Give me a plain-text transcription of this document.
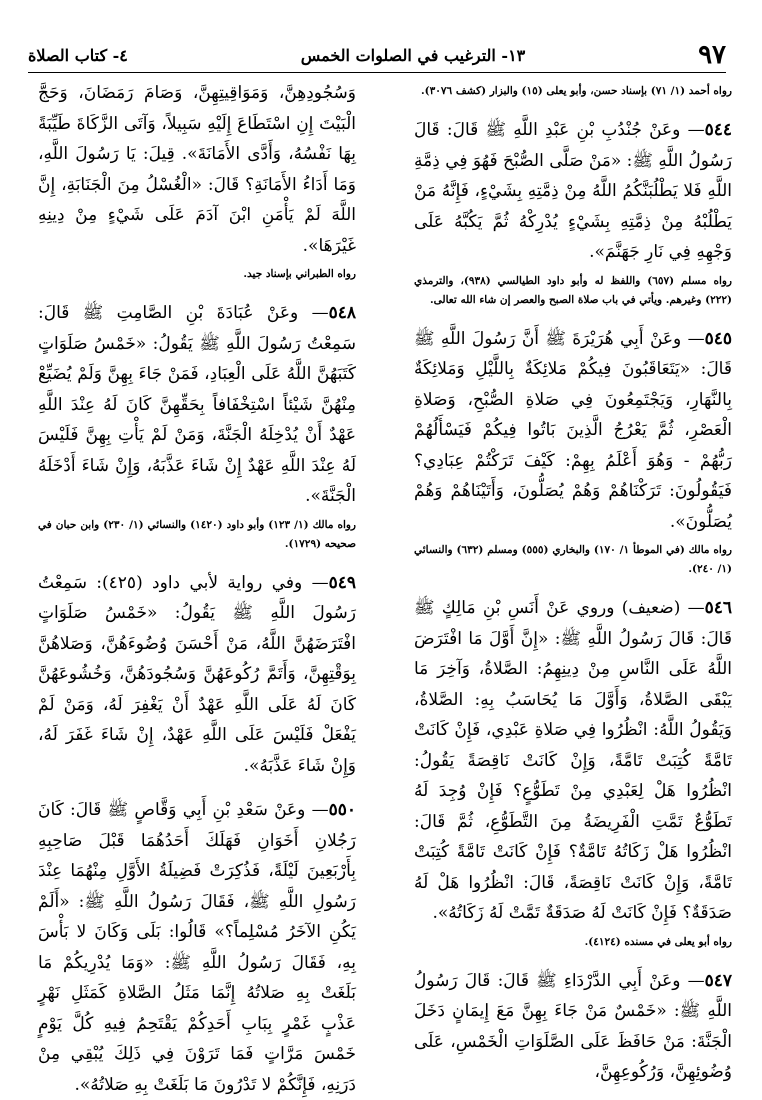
٩٧
١٣- الترغيب في الصلوات الخمس
٤- كتاب الصلاة
رواه أحمد (١/ ٧١) بإسناد حسن، وأبو يعلى (١٥) والبزار (كشف ٣٠٧٦).

٥٤٤— وعَنْ جُنْدُبِ بْنِ عَبْدِ اللَّهِ ﷺ قَالَ: قَالَ رَسُولُ اللَّهِ ﷺ: «مَنْ صَلَّى الصُّبْحَ فَهُوَ فِي ذِمَّةِ اللَّهِ فَلا يَطْلُبَنَّكُمُ اللَّهُ مِنْ ذِمَّتِهِ بِشَيْءٍ، فَإِنَّهُ مَنْ يَطْلُبْهُ مِنْ ذِمَّتِهِ بِشَيْءٍ يُدْرِكْهُ ثُمَّ يَكُبَّهُ عَلَى وَجْهِهِ فِي نَارِ جَهَنَّمَ».

رواه مسلم (٦٥٧) واللفظ له وأبو داود الطيالسي (٩٣٨)، والترمذي (٢٢٢) وغيرهم. ويأتي في باب صلاة الصبح والعصر إن شاء الله تعالى.

٥٤٥— وعَنْ أَبِي هُرَيْرَةَ ﷺ أَنَّ رَسُولَ اللَّهِ ﷺ قَالَ: «يَتَعَاقَبُونَ فِيكُمْ مَلائِكَةٌ بِاللَّيْلِ وَمَلائِكَةٌ بِالنَّهَارِ، وَيَجْتَمِعُونَ فِي صَلاةِ الصُّبْحِ، وَصَلاةِ الْعَصْرِ، ثُمَّ يَعْرُجُ الَّذِينَ بَاتُوا فِيكُمْ فَيَسْأَلُهُمْ رَبُّهُمْ - وَهُوَ أَعْلَمُ بِهِمْ: كَيْفَ تَرَكْتُمْ عِبَادِي؟ فَيَقُولُونَ: تَرَكْنَاهُمْ وَهُمْ يُصَلُّونَ، وَأَتَيْنَاهُمْ وَهُمْ يُصَلُّونَ».

رواه مالك (في الموطأ ١/ ١٧٠) والبخاري (٥٥٥) ومسلم (٦٣٢) والنسائي (١/ ٢٤٠).

٥٤٦— (ضعيف) وروي عَنْ أَنَسِ بْنِ مَالِكٍ ﷺ قَالَ: قَالَ رَسُولُ اللَّهِ ﷺ: «إِنَّ أَوَّلَ مَا افْتَرَضَ اللَّهُ عَلَى النَّاسِ مِنْ دِينِهِمُ: الصَّلاةُ، وَآخِرَ مَا يَبْقَى الصَّلاةُ، وَأَوَّلَ مَا يُحَاسَبُ بِهِ: الصَّلاةُ، وَيَقُولُ اللَّهُ: انْظُرُوا فِي صَلاةِ عَبْدِي، فَإِنْ كَانَتْ تَامَّةً كُتِبَتْ تَامَّةً، وَإِنْ كَانَتْ نَاقِصَةً يَقُولُ: انْظُرُوا هَلْ لِعَبْدِي مِنْ تَطَوُّعٍ؟ فَإِنْ وُجِدَ لَهُ تَطَوُّعٌ تَمَّتِ الْفَرِيضَةُ مِنَ التَّطَوُّعِ، ثُمَّ قَالَ: انْظُرُوا هَلْ زَكَاتُهُ تَامَّةٌ؟ فَإِنْ كَانَتْ تَامَّةً كُتِبَتْ تَامَّةً، وَإِنْ كَانَتْ نَاقِصَةً، قَالَ: انْظُرُوا هَلْ لَهُ صَدَقَةٌ؟ فَإِنْ كَانَتْ لَهُ صَدَقَةٌ تَمَّتْ لَهُ زَكَاتُهُ».

رواه أبو يعلى في مسنده (٤١٢٤).

٥٤٧— وعَنْ أَبِي الدَّرْدَاءِ ﷺ قَالَ: قَالَ رَسُولُ اللَّهِ ﷺ: «خَمْسٌ مَنْ جَاءَ بِهِنَّ مَعَ إِيمَانٍ دَخَلَ الْجَنَّةَ: مَنْ حَافَظَ عَلَى الصَّلَوَاتِ الْخَمْسِ، عَلَى وُضُوئِهِنَّ، وَرُكُوعِهِنَّ،

وَسُجُودِهِنَّ، وَمَوَاقِيتِهِنَّ، وَصَامَ رَمَضَانَ، وَحَجَّ الْبَيْتَ إِنِ اسْتَطَاعَ إِلَيْهِ سَبِيلاً، وَآتَى الزَّكَاةَ طَيِّبَةً بِهَا نَفْسُهُ، وَأَدَّى الأَمَانَةَ». قِيلَ: يَا رَسُولَ اللَّهِ، وَمَا أَدَاءُ الأَمَانَةِ؟ قَالَ: «الْغُسْلُ مِنَ الْجَنَابَةِ، إِنَّ اللَّهَ لَمْ يَأْمَنِ ابْنَ آدَمَ عَلَى شَيْءٍ مِنْ دِينِهِ غَيْرَهَا».

رواه الطبراني بإسناد جيد.

٥٤٨— وعَنْ عُبَادَةَ بْنِ الصَّامِتِ ﷺ قَالَ: سَمِعْتُ رَسُولَ اللَّهِ ﷺ يَقُولُ: «خَمْسُ صَلَوَاتٍ كَتَبَهُنَّ اللَّهُ عَلَى الْعِبَادِ، فَمَنْ جَاءَ بِهِنَّ وَلَمْ يُضَيِّعْ مِنْهُنَّ شَيْئاً اسْتِخْفَافاً بِحَقِّهِنَّ كَانَ لَهُ عِنْدَ اللَّهِ عَهْدٌ أَنْ يُدْخِلَهُ الْجَنَّةَ، وَمَنْ لَمْ يَأْتِ بِهِنَّ فَلَيْسَ لَهُ عِنْدَ اللَّهِ عَهْدٌ إِنْ شَاءَ عَذَّبَهُ، وَإِنْ شَاءَ أَدْخَلَهُ الْجَنَّةَ».

رواه مالك (١/ ١٢٣) وأبو داود (١٤٢٠) والنسائي (١/ ٢٣٠) وابن حبان في صحيحه (١٧٢٩).

٥٤٩— وفي رواية لأبي داود (٤٢٥): سَمِعْتُ رَسُولَ اللَّهِ ﷺ يَقُولُ: «خَمْسُ صَلَوَاتٍ افْتَرَضَهُنَّ اللَّهُ، مَنْ أَحْسَنَ وُضُوءَهُنَّ، وَصَلاهُنَّ بِوَقْتِهِنَّ، وَأَتَمَّ رُكُوعَهُنَّ وَسُجُودَهُنَّ، وَخُشُوعَهُنَّ كَانَ لَهُ عَلَى اللَّهِ عَهْدٌ أَنْ يَغْفِرَ لَهُ، وَمَنْ لَمْ يَفْعَلْ فَلَيْسَ عَلَى اللَّهِ عَهْدٌ، إِنْ شَاءَ غَفَرَ لَهُ، وَإِنْ شَاءَ عَذَّبَهُ».

٥٥٠— وعَنْ سَعْدِ بْنِ أَبِي وَقَّاصٍ ﷺ قَالَ: كَانَ رَجُلانِ أَخَوَانِ فَهَلَكَ أَحَدُهُمَا قَبْلَ صَاحِبِهِ بِأَرْبَعِينَ لَيْلَةً، فَذُكِرَتْ فَضِيلَةُ الأَوَّلِ مِنْهُمَا عِنْدَ رَسُولِ اللَّهِ ﷺ، فَقَالَ رَسُولُ اللَّهِ ﷺ: «أَلَمْ يَكُنِ الآخَرُ مُسْلِماً؟» قَالُوا: بَلَى وَكَانَ لا بَأْسَ بِهِ، فَقَالَ رَسُولُ اللَّهِ ﷺ: «وَمَا يُدْرِيكُمْ مَا بَلَغَتْ بِهِ صَلاتُهُ إِنَّمَا مَثَلُ الصَّلاةِ كَمَثَلِ نَهْرٍ عَذْبٍ غَمْرٍ بِبَابِ أَحَدِكُمْ يَقْتَحِمُ فِيهِ كُلَّ يَوْمٍ خَمْسَ مَرَّاتٍ فَمَا تَرَوْنَ فِي ذَلِكَ يُبْقِي مِنْ دَرَنِهِ، فَإِنَّكُمْ لا تَدْرُونَ مَا بَلَغَتْ بِهِ صَلاتُهُ».
